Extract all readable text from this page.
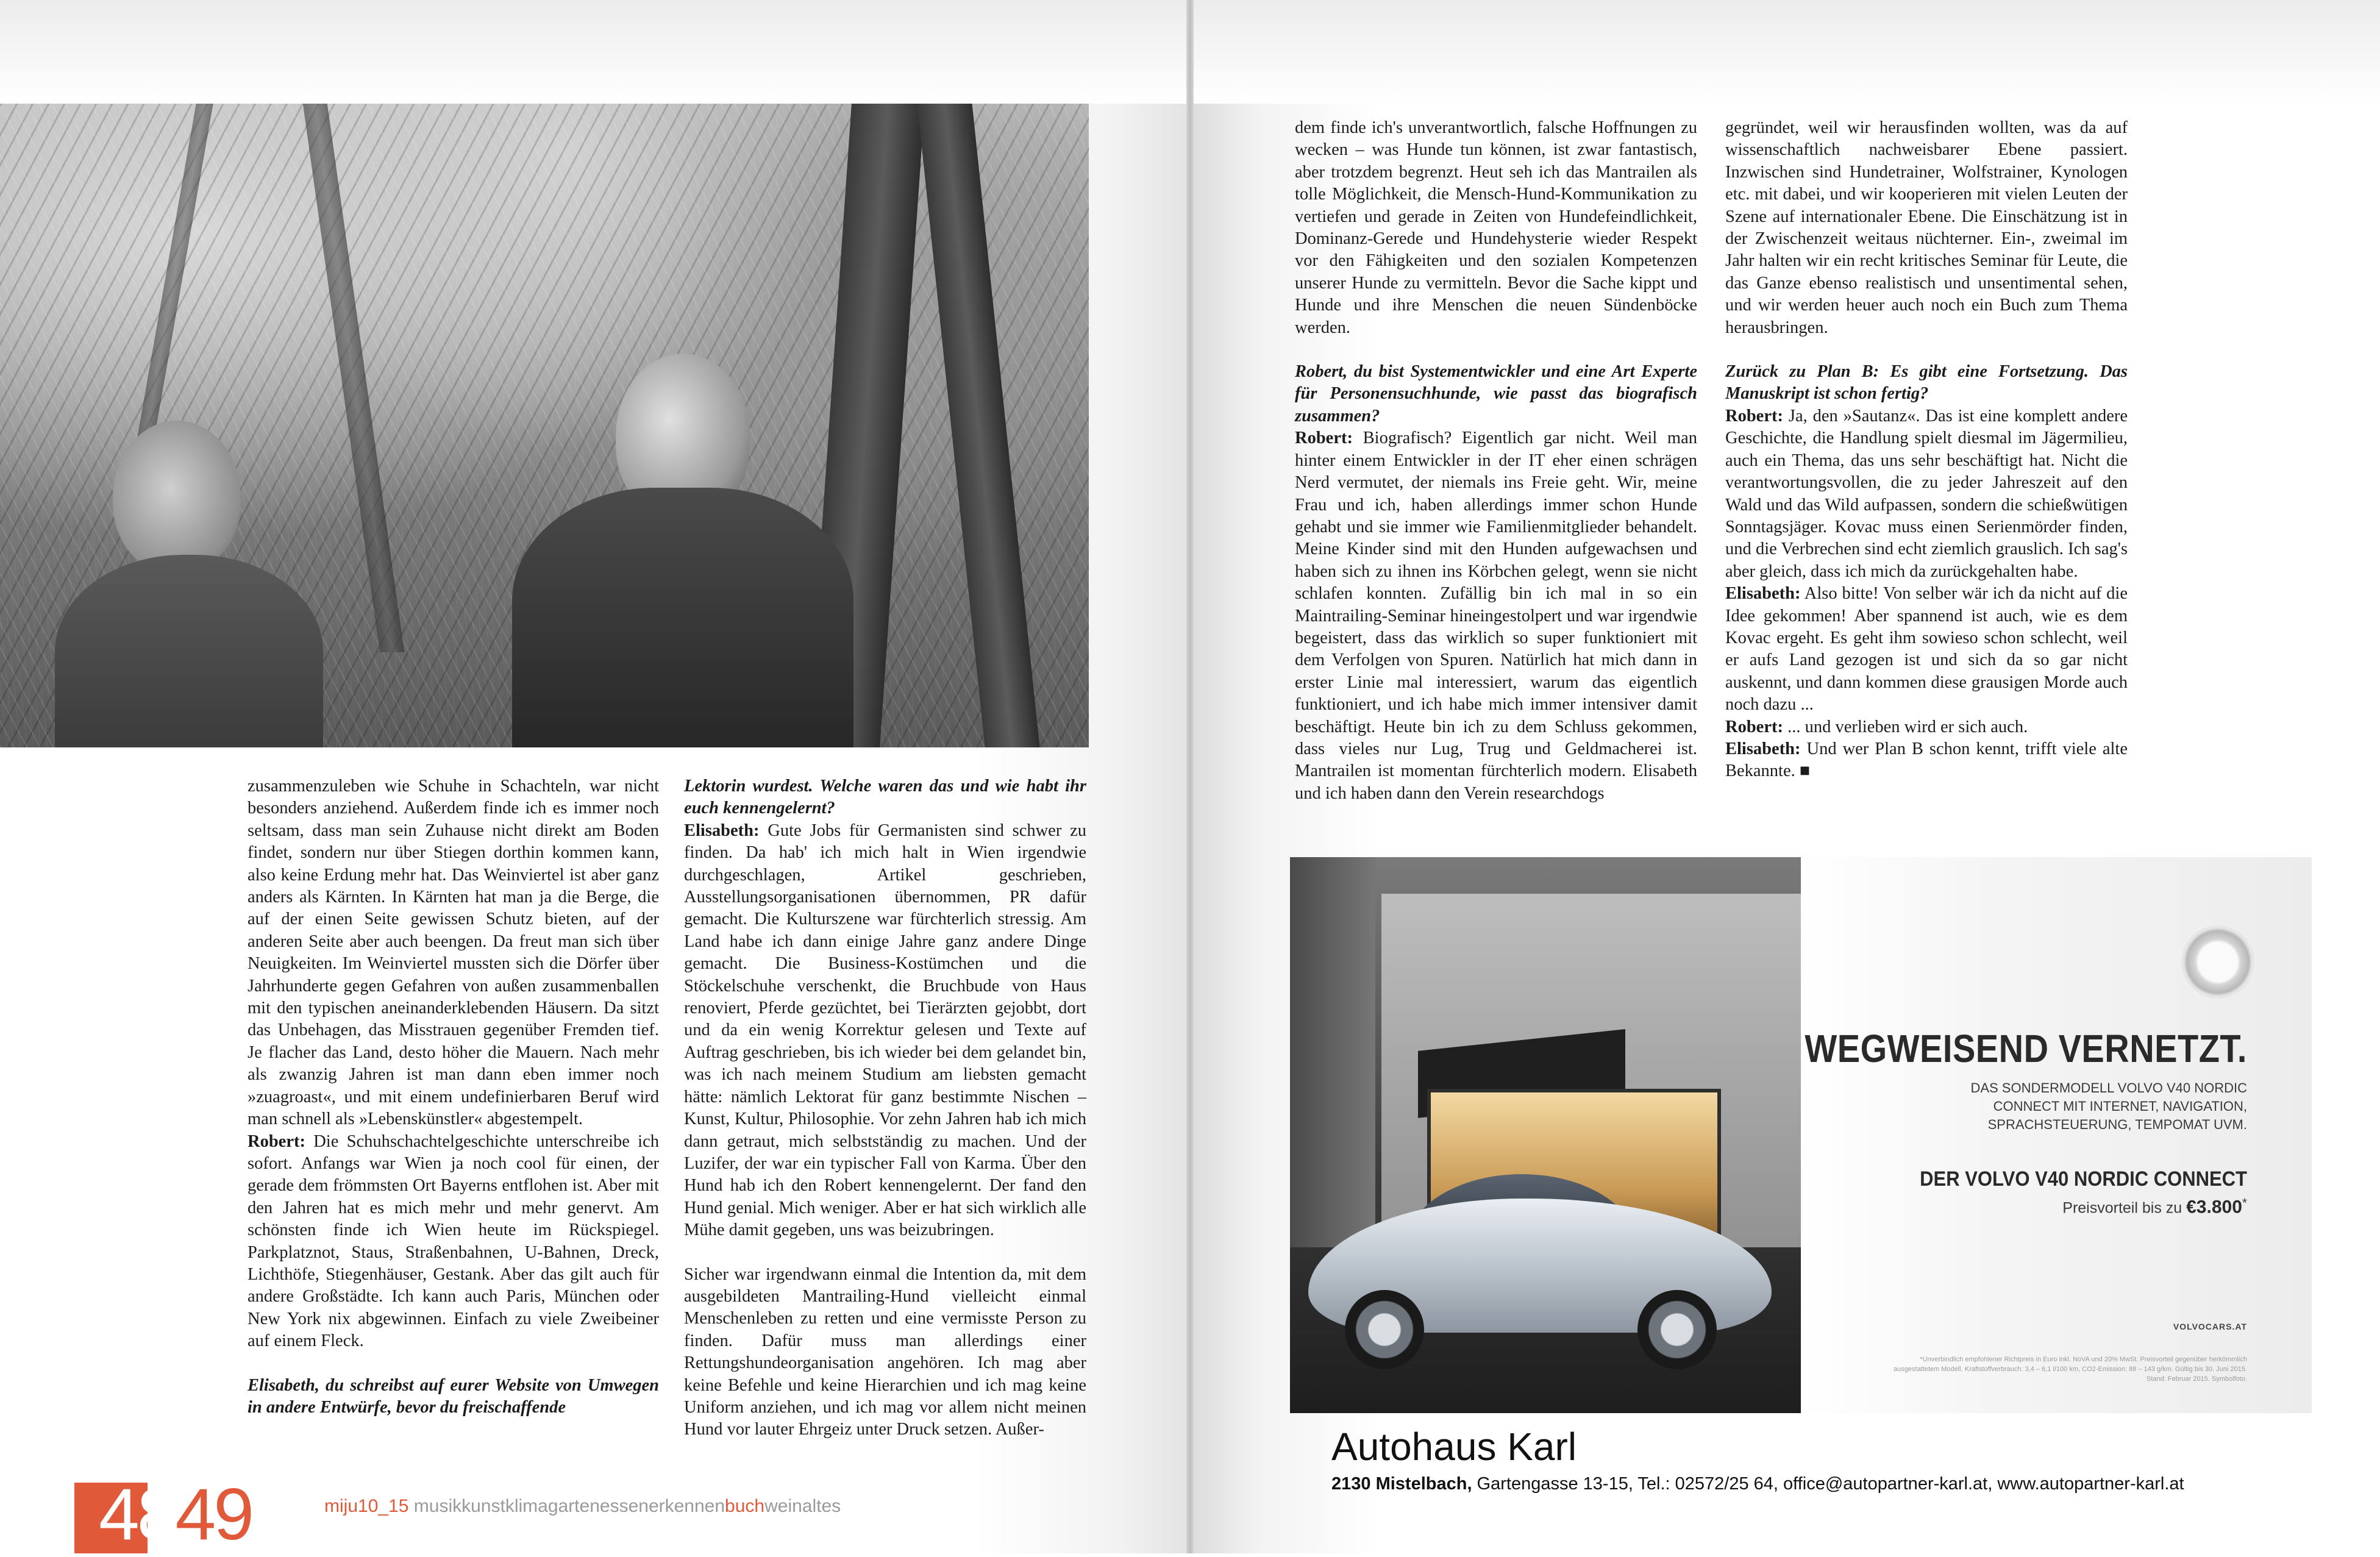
zusammenzuleben wie Schuhe in Schachteln, war nicht besonders anziehend. Außerdem finde ich es immer noch seltsam, dass man sein Zuhause nicht direkt am Boden findet, sondern nur über Stiegen dorthin kommen kann, also keine Erdung mehr hat. Das Weinviertel ist aber ganz anders als Kärnten. In Kärnten hat man ja die Berge, die auf der einen Seite gewissen Schutz bieten, auf der anderen Seite aber auch beengen. Da freut man sich über Neuigkeiten. Im Weinviertel mussten sich die Dörfer über Jahrhunderte gegen Gefahren von außen zusammenballen mit den typischen aneinanderklebenden Häusern. Da sitzt das Unbehagen, das Misstrauen gegenüber Fremden tief. Je flacher das Land, desto höher die Mauern. Nach mehr als zwanzig Jahren ist man dann eben immer noch »zuagroast«, und mit einem undefinierbaren Beruf wird man schnell als »Lebenskünstler« abgestempelt.

Robert: Die Schuhschachtelgeschichte unterschreibe ich sofort. Anfangs war Wien ja noch cool für einen, der gerade dem frömmsten Ort Bayerns entflohen ist. Aber mit den Jahren hat es mich mehr und mehr genervt. Am schönsten finde ich Wien heute im Rückspiegel. Parkplatznot, Staus, Straßenbahnen, U-Bahnen, Dreck, Lichthöfe, Stiegenhäuser, Gestank. Aber das gilt auch für andere Großstädte. Ich kann auch Paris, München oder New York nix abgewinnen. Einfach zu viele Zweibeiner auf einem Fleck.

Elisabeth, du schreibst auf eurer Website von Umwegen in andere Entwürfe, bevor du freischaffende

Lektorin wurdest. Welche waren das und wie habt ihr euch kennengelernt?

Elisabeth: Gute Jobs für Germanisten sind schwer zu finden. Da hab' ich mich halt in Wien irgendwie durchgeschlagen, Artikel geschrieben, Ausstellungsorganisationen übernommen, PR dafür gemacht. Die Kulturszene war fürchterlich stressig. Am Land habe ich dann einige Jahre ganz andere Dinge gemacht. Die Business-Kostümchen und die Stöckelschuhe verschenkt, die Bruchbude von Haus renoviert, Pferde gezüchtet, bei Tierärzten gejobbt, dort und da ein wenig Korrektur gelesen und Texte auf Auftrag geschrieben, bis ich wieder bei dem gelandet bin, was ich nach meinem Studium am liebsten gemacht hätte: nämlich Lektorat für ganz bestimmte Nischen – Kunst, Kultur, Philosophie. Vor zehn Jahren hab ich mich dann getraut, mich selbstständig zu machen. Und der Luzifer, der war ein typischer Fall von Karma. Über den Hund hab ich den Robert kennengelernt. Der fand den Hund genial. Mich weniger. Aber er hat sich wirklich alle Mühe damit gegeben, uns was beizubringen.

Sicher war irgendwann einmal die Intention da, mit dem ausgebildeten Mantrailing-Hund vielleicht einmal Menschenleben zu retten und eine vermisste Person zu finden. Dafür muss man allerdings einer Rettungshundeorganisation angehören. Ich mag aber keine Befehle und keine Hierarchien und ich mag keine Uniform anziehen, und ich mag vor allem nicht meinen Hund vor lauter Ehrgeiz unter Druck setzen. Außer-

dem finde ich's unverantwortlich, falsche Hoffnungen zu wecken – was Hunde tun können, ist zwar fantastisch, aber trotzdem begrenzt. Heut seh ich das Mantrailen als tolle Möglichkeit, die Mensch-Hund-Kommunikation zu vertiefen und gerade in Zeiten von Hundefeindlichkeit, Dominanz-Gerede und Hundehysterie wieder Respekt vor den Fähigkeiten und den sozialen Kompetenzen unserer Hunde zu vermitteln. Bevor die Sache kippt und Hunde und ihre Menschen die neuen Sündenböcke werden.

Robert, du bist Systementwickler und eine Art Experte für Personensuchhunde, wie passt das biografisch zusammen?

Robert: Biografisch? Eigentlich gar nicht. Weil man hinter einem Entwickler in der IT eher einen schrägen Nerd vermutet, der niemals ins Freie geht. Wir, meine Frau und ich, haben allerdings immer schon Hunde gehabt und sie immer wie Familienmitglieder behandelt. Meine Kinder sind mit den Hunden aufgewachsen und haben sich zu ihnen ins Körbchen gelegt, wenn sie nicht schlafen konnten. Zufällig bin ich mal in so ein Maintrailing-Seminar hineingestolpert und war irgendwie begeistert, dass das wirklich so super funktioniert mit dem Verfolgen von Spuren. Natürlich hat mich dann in erster Linie mal interessiert, warum das eigentlich funktioniert, und ich habe mich immer intensiver damit beschäftigt. Heute bin ich zu dem Schluss gekommen, dass vieles nur Lug, Trug und Geldmacherei ist. Mantrailen ist momentan fürchterlich modern. Elisabeth und ich haben dann den Verein researchdogs

gegründet, weil wir herausfinden wollten, was da auf wissenschaftlich nachweisbarer Ebene passiert. Inzwischen sind Hundetrainer, Wolfstrainer, Kynologen etc. mit dabei, und wir kooperieren mit vielen Leuten der Szene auf internationaler Ebene. Die Einschätzung ist in der Zwischenzeit weitaus nüchterner. Ein-, zweimal im Jahr halten wir ein recht kritisches Seminar für Leute, die das Ganze ebenso realistisch und unsentimental sehen, und wir werden heuer auch noch ein Buch zum Thema herausbringen.

Zurück zu Plan B: Es gibt eine Fortsetzung. Das Manuskript ist schon fertig?

Robert: Ja, den »Sautanz«. Das ist eine komplett andere Geschichte, die Handlung spielt diesmal im Jägermilieu, auch ein Thema, das uns sehr beschäftigt hat. Nicht die verantwortungsvollen, die zu jeder Jahreszeit auf den Wald und das Wild aufpassen, sondern die schießwütigen Sonntagsjäger. Kovac muss einen Serienmörder finden, und die Verbrechen sind echt ziemlich grauslich. Ich sag's aber gleich, dass ich mich da zurückgehalten habe.

Elisabeth: Also bitte! Von selber wär ich da nicht auf die Idee gekommen! Aber spannend ist auch, wie es dem Kovac ergeht. Es geht ihm sowieso schon schlecht, weil er aufs Land gezogen ist und sich da so gar nicht auskennt, und dann kommen diese grausigen Morde auch noch dazu ...

Robert: ... und verlieben wird er sich auch.

Elisabeth: Und wer Plan B schon kennt, trifft viele alte Bekannte. ■

4849	miju10_15 musikkunstklimagartenessenerkennenbuchweinaltes
WEGWEISEND VERNETZT.
DAS SONDERMODELL VOLVO V40 NORDIC CONNECT MIT INTERNET, NAVIGATION, SPRACHSTEUERUNG, TEMPOMAT UVM.
DER VOLVO V40 NORDIC CONNECT
Preisvorteil bis zu €3.800*
VOLVOCARS.AT
*Unverbindlich empfohlener Richtpreis in Euro inkl. NoVA und 20% MwSt. Preisvorteil gegenüber herkömmlich ausgestattetem Modell. Kraftstoffverbrauch: 3,4 – 6,1 l/100 km, CO2-Emission: 88 – 143 g/km. Gültig bis 30. Juni 2015. Stand: Februar 2015. Symbolfoto.
Autohaus Karl
2130 Mistelbach, Gartengasse 13-15, Tel.: 02572/25 64, office@autopartner-karl.at, www.autopartner-karl.at
